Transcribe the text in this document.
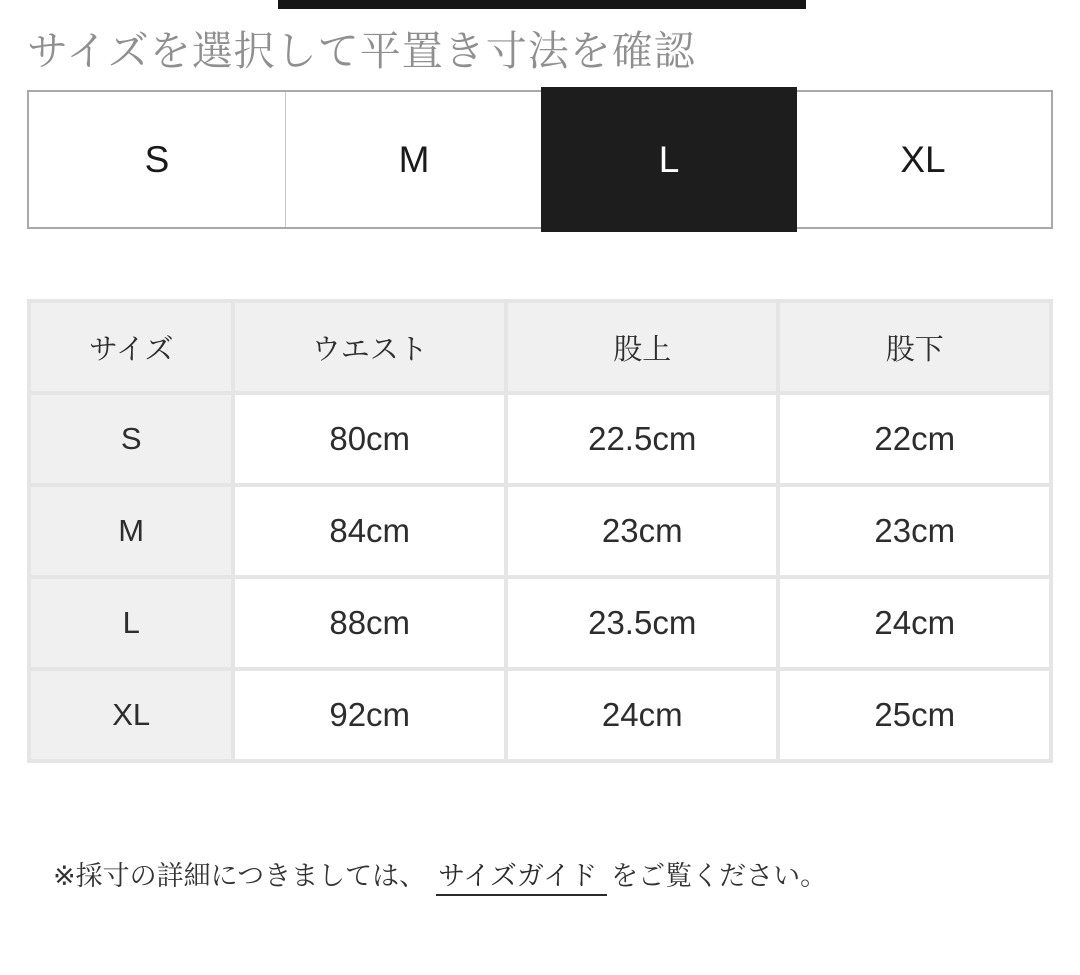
サイズを選択して平置き寸法を確認
S	M	L	XL
サイズ	ウエスト	股上	股下
S	80cm	22.5cm	22cm
M	84cm	23cm	23cm
L	88cm	23.5cm	24cm
XL	92cm	24cm	25cm
※採寸の詳細につきましては、 サイズガイド をご覧ください。
